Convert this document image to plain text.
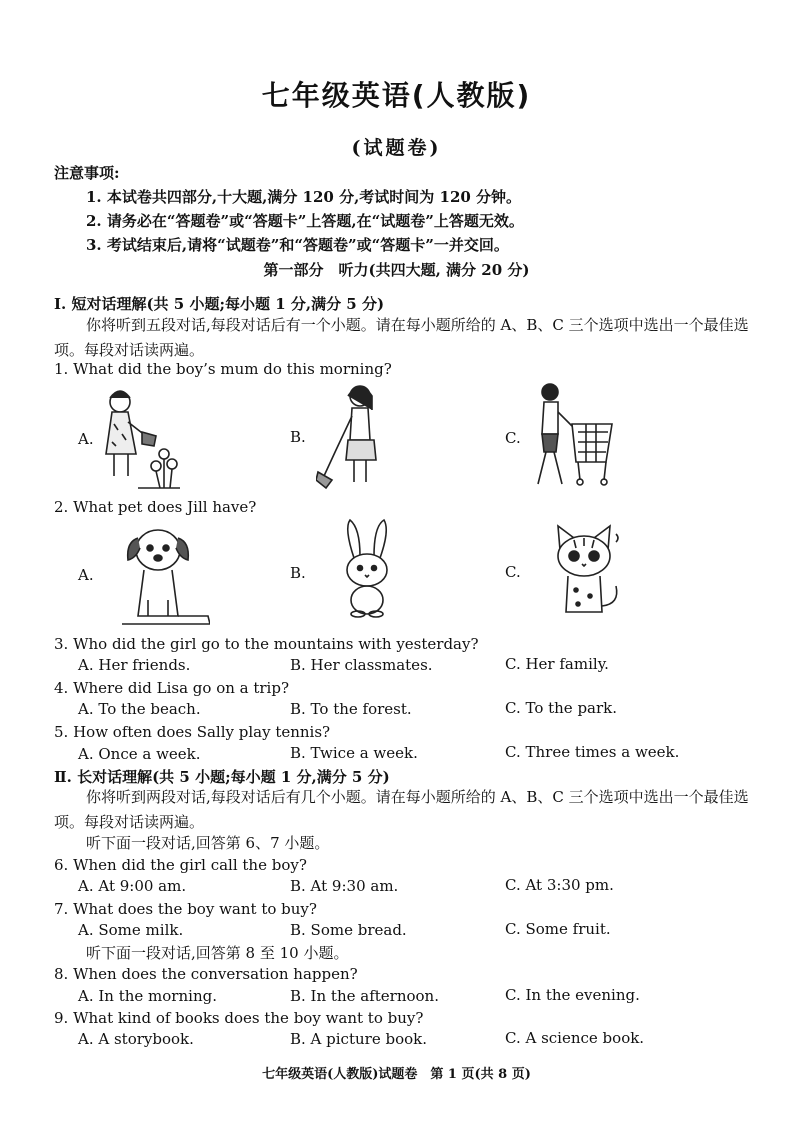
七年级英语(人教版)
(试题卷)
注意事项:
1. 本试卷共四部分,十大题,满分 120 分,考试时间为 120 分钟。
2. 请务必在“答题卷”或“答题卡”上答题,在“试题卷”上答题无效。
3. 考试结束后,请将“试题卷”和“答题卷”或“答题卡”一并交回。
第一部分　听力(共四大题, 满分 20 分)
Ⅰ. 短对话理解(共 5 小题;每小题 1 分,满分 5 分)
你将听到五段对话,每段对话后有一个小题。请在每小题所给的 A、B、C 三个选项中选出一个最佳选项。每段对话读两遍。
1. What did the boy’s mum do this morning?
A.	B.	C.
2. What pet does Jill have?
A.	B.	C.
3. Who did the girl go to the mountains with yesterday?
A. Her friends.	B. Her classmates.	C. Her family.
4. Where did Lisa go on a trip?
A. To the beach.	B. To the forest.	C. To the park.
5. How often does Sally play tennis?
A. Once a week.	B. Twice a week.	C. Three times a week.
Ⅱ. 长对话理解(共 5 小题;每小题 1 分,满分 5 分)
你将听到两段对话,每段对话后有几个小题。请在每小题所给的 A、B、C 三个选项中选出一个最佳选项。每段对话读两遍。
听下面一段对话,回答第 6、7 小题。
6. When did the girl call the boy?
A. At 9:00 am.	B. At 9:30 am.	C. At 3:30 pm.
7. What does the boy want to buy?
A. Some milk.	B. Some bread.	C. Some fruit.
听下面一段对话,回答第 8 至 10 小题。
8. When does the conversation happen?
A. In the morning.	B. In the afternoon.	C. In the evening.
9. What kind of books does the boy want to buy?
A. A storybook.	B. A picture book.	C. A science book.
七年级英语(人教版)试题卷　第 1 页(共 8 页)
